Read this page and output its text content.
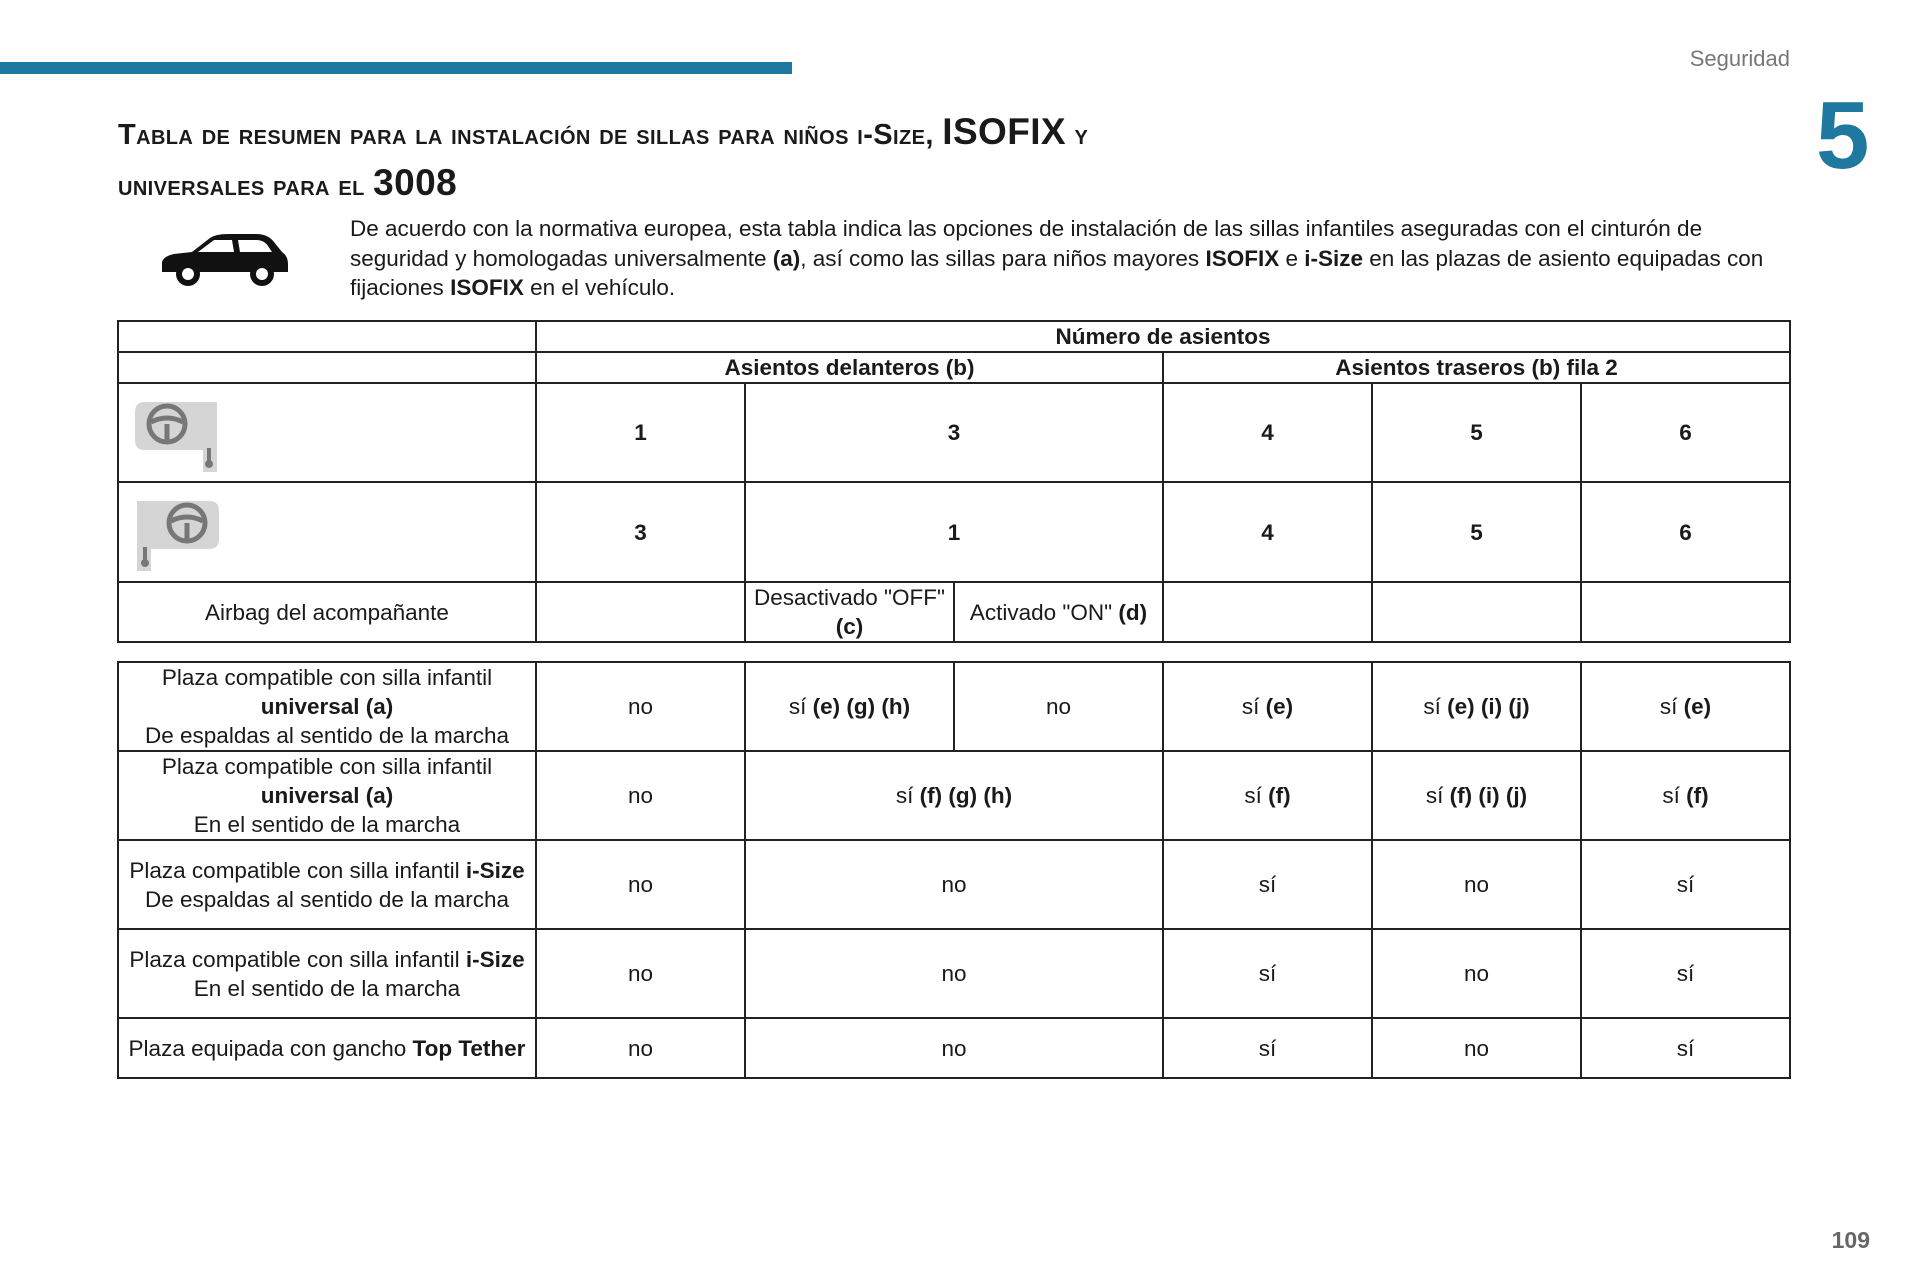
Seguridad
5
Tabla de resumen para la instalación de sillas para niños i-Size, ISOFIX y
universales para el 3008

De acuerdo con la normativa europea, esta tabla indica las opciones de instalación de las sillas infantiles aseguradas con el cinturón de seguridad y homologadas universalmente (a), así como las sillas para niños mayores ISOFIX e i-Size en las plazas de asiento equipadas con fijaciones ISOFIX en el vehículo.

	Número de asientos					
	Asientos delanteros (b)			Asientos traseros (b) fila 2		

	1	3		4	5	6

	3	1		4	5	6
Airbag del acompañante		Desactivado "OFF" (c)	Activado "ON" (d)			
Plaza compatible con silla infantil universal (a)
De espaldas al sentido de la marcha	no	sí (e) (g) (h)	no	sí (e)	sí (e) (i) (j)	sí (e)
Plaza compatible con silla infantil universal (a)
En el sentido de la marcha	no	sí (f) (g) (h)		sí (f)	sí (f) (i) (j)	sí (f)
Plaza compatible con silla infantil i-Size
De espaldas al sentido de la marcha	no	no		sí	no	sí
Plaza compatible con silla infantil i-Size
En el sentido de la marcha	no	no		sí	no	sí
Plaza equipada con gancho Top Tether	no	no		sí	no	sí
109
